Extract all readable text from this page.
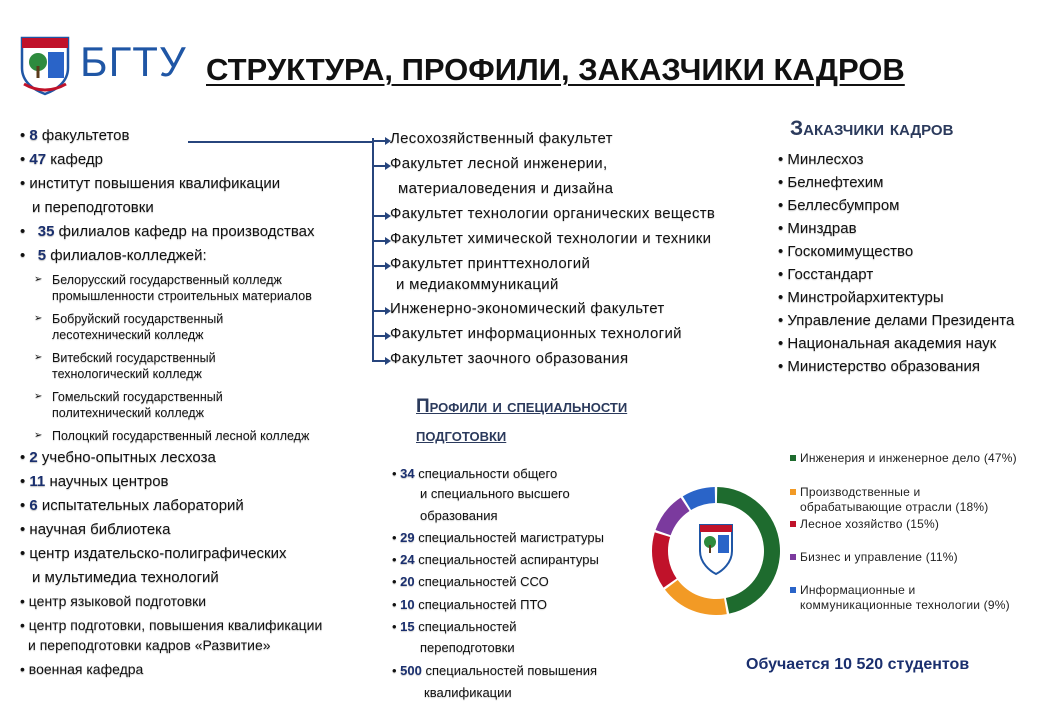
БГТУ СТРУКТУРА, ПРОФИЛИ, ЗАКАЗЧИКИ КАДРОВ
• 8 факультетов
• 47 кафедр
• институт повышения квалификации
и переподготовки
•   35 филиалов кафедр на производствах
•   5 филиалов-колледжей:
➢ Белорусский государственный колледж
промышленности строительных материалов
➢ Бобруйский государственный
лесотехнический колледж
➢ Витебский государственный
технологический колледж
➢ Гомельский государственный
политехнический колледж
➢ Полоцкий государственный лесной колледж
• 2 учебно-опытных лесхоза
• 11 научных центров
• 6 испытательных лабораторий
• научная библиотека
• центр издательско-полиграфических
и мультимедиа технологий
• центр языковой подготовки
• центр подготовки, повышения квалификации
и переподготовки кадров «Развитие»
• военная кафедра
Лесохозяйственный факультет
Факультет лесной инженерии,
материаловедения и дизайна
Факультет технологии органических веществ
Факультет химической технологии и техники
Факультет принттехнологий
и медиакоммуникаций
Инженерно-экономический факультет
Факультет информационных технологий
Факультет заочного образования
Заказчики кадров
• Минлесхоз
• Белнефтехим
• Беллесбумпром
• Минздрав
• Госкомимущество
• Госстандарт
• Минстройархитектуры
• Управление делами Президента
• Национальная академия наук
• Министерство образования
Профили и специальности
подготовки
• 34 специальности общего
и специального высшего
образования
• 29 специальностей магистратуры
• 24 специальностей аспирантуры
• 20 специальностей ССО
• 10 специальностей ПТО
• 15 специальностей
переподготовки
• 500 специальностей повышения
квалификации
Инженерия и инженерное дело (47%)
Производственные и
обрабатывающие отрасли (18%)
Лесное хозяйство (15%)
Бизнес и управление (11%)
Информационные и
коммуникационные технологии (9%)
Обучается 10 520 студентов
